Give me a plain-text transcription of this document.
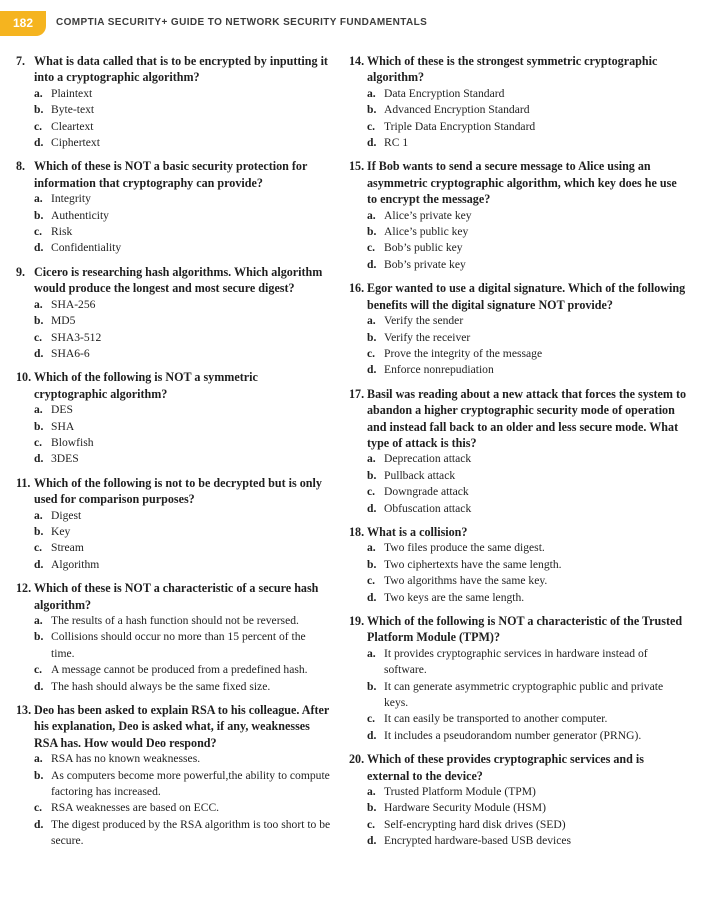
182	COMPTIA SECURITY+ GUIDE TO NETWORK SECURITY FUNDAMENTALS
7. What is data called that is to be encrypted by inputting it into a cryptographic algorithm?
a. Plaintext
b. Byte-text
c. Cleartext
d. Ciphertext
8. Which of these is NOT a basic security protection for information that cryptography can provide?
a. Integrity
b. Authenticity
c. Risk
d. Confidentiality
9. Cicero is researching hash algorithms. Which algorithm would produce the longest and most secure digest?
a. SHA-256
b. MD5
c. SHA3-512
d. SHA6-6
10. Which of the following is NOT a symmetric cryptographic algorithm?
a. DES
b. SHA
c. Blowfish
d. 3DES
11. Which of the following is not to be decrypted but is only used for comparison purposes?
a. Digest
b. Key
c. Stream
d. Algorithm
12. Which of these is NOT a characteristic of a secure hash algorithm?
a. The results of a hash function should not be reversed.
b. Collisions should occur no more than 15 percent of the time.
c. A message cannot be produced from a predefined hash.
d. The hash should always be the same fixed size.
13. Deo has been asked to explain RSA to his colleague. After his explanation, Deo is asked what, if any, weaknesses RSA has. How would Deo respond?
a. RSA has no known weaknesses.
b. As computers become more powerful,the ability to compute factoring has increased.
c. RSA weaknesses are based on ECC.
d. The digest produced by the RSA algorithm is too short to be secure.
14. Which of these is the strongest symmetric cryptographic algorithm?
a. Data Encryption Standard
b. Advanced Encryption Standard
c. Triple Data Encryption Standard
d. RC 1
15. If Bob wants to send a secure message to Alice using an asymmetric cryptographic algorithm, which key does he use to encrypt the message?
a. Alice’s private key
b. Alice’s public key
c. Bob’s public key
d. Bob’s private key
16. Egor wanted to use a digital signature. Which of the following benefits will the digital signature NOT provide?
a. Verify the sender
b. Verify the receiver
c. Prove the integrity of the message
d. Enforce nonrepudiation
17. Basil was reading about a new attack that forces the system to abandon a higher cryptographic security mode of operation and instead fall back to an older and less secure mode. What type of attack is this?
a. Deprecation attack
b. Pullback attack
c. Downgrade attack
d. Obfuscation attack
18. What is a collision?
a. Two files produce the same digest.
b. Two ciphertexts have the same length.
c. Two algorithms have the same key.
d. Two keys are the same length.
19. Which of the following is NOT a characteristic of the Trusted Platform Module (TPM)?
a. It provides cryptographic services in hardware instead of software.
b. It can generate asymmetric cryptographic public and private keys.
c. It can easily be transported to another computer.
d. It includes a pseudorandom number generator (PRNG).
20. Which of these provides cryptographic services and is external to the device?
a. Trusted Platform Module (TPM)
b. Hardware Security Module (HSM)
c. Self-encrypting hard disk drives (SED)
d. Encrypted hardware-based USB devices
